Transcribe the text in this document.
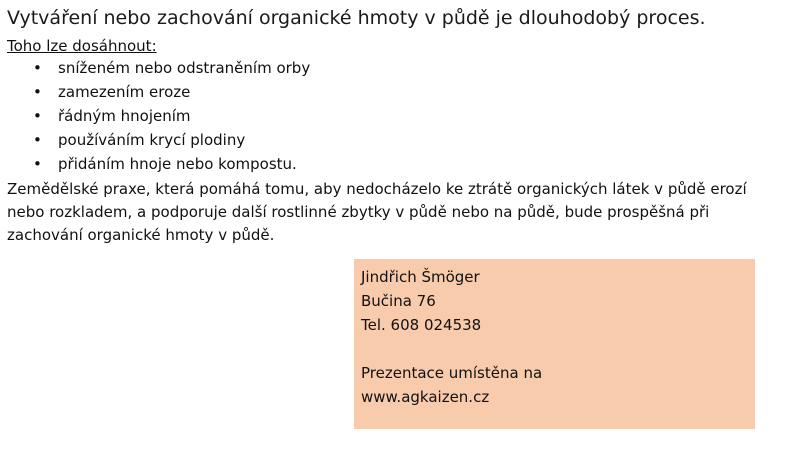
Vytváření nebo zachování organické hmoty v půdě je dlouhodobý proces.
Toho lze dosáhnout:
• sníženém nebo odstraněním orby
• zamezením eroze
• řádným hnojením
• používáním krycí plodiny
• přidáním hnoje nebo kompostu.
Zemědělské praxe, která pomáhá tomu, aby nedocházelo ke ztrátě organických látek v půdě erozí nebo rozkladem, a podporuje další rostlinné zbytky v půdě nebo na půdě, bude prospěšná při zachování organické hmoty v půdě.
Jindřich Šmöger
Bučina 76
Tel. 608 024538
Prezentace umístěna na
www.agkaizen.cz
